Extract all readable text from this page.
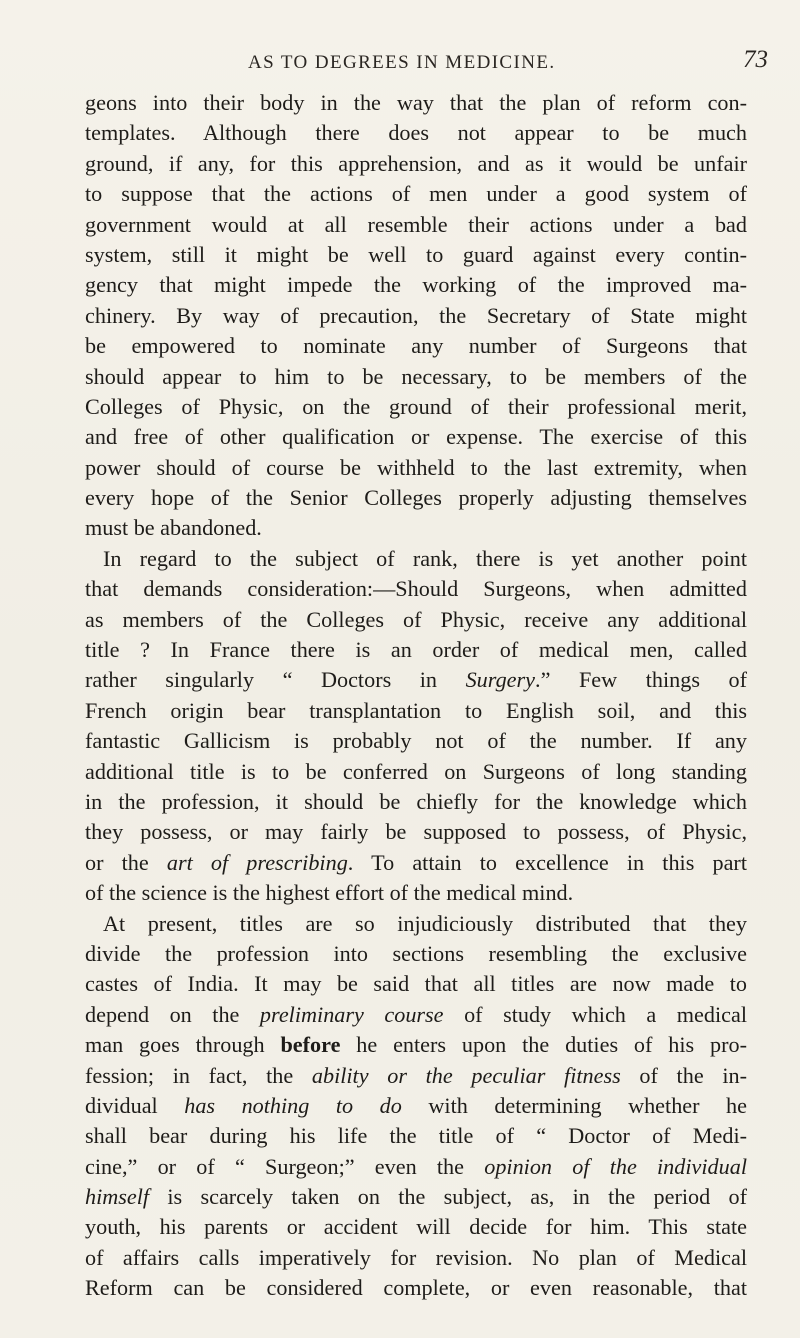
AS TO DEGREES IN MEDICINE.	73
geons into their body in the way that the plan of reform con-
templates. Although there does not appear to be much
ground, if any, for this apprehension, and as it would be unfair
to suppose that the actions of men under a good system of
government would at all resemble their actions under a bad
system, still it might be well to guard against every contin-
gency that might impede the working of the improved ma-
chinery. By way of precaution, the Secretary of State might
be empowered to nominate any number of Surgeons that
should appear to him to be necessary, to be members of the
Colleges of Physic, on the ground of their professional merit,
and free of other qualification or expense. The exercise of this
power should of course be withheld to the last extremity, when
every hope of the Senior Colleges properly adjusting themselves
must be abandoned.
In regard to the subject of rank, there is yet another point
that demands consideration:—Should Surgeons, when admitted
as members of the Colleges of Physic, receive any additional
title ? In France there is an order of medical men, called
rather singularly “ Doctors in Surgery.” Few things of
French origin bear transplantation to English soil, and this
fantastic Gallicism is probably not of the number. If any
additional title is to be conferred on Surgeons of long standing
in the profession, it should be chiefly for the knowledge which
they possess, or may fairly be supposed to possess, of Physic,
or the art of prescribing. To attain to excellence in this part
of the science is the highest effort of the medical mind.
At present, titles are so injudiciously distributed that they
divide the profession into sections resembling the exclusive
castes of India. It may be said that all titles are now made to
depend on the preliminary course of study which a medical
man goes through before he enters upon the duties of his pro-
fession; in fact, the ability or the peculiar fitness of the in-
dividual has nothing to do with determining whether he
shall bear during his life the title of “ Doctor of Medi-
cine,” or of “ Surgeon;” even the opinion of the individual
himself is scarcely taken on the subject, as, in the period of
youth, his parents or accident will decide for him. This state
of affairs calls imperatively for revision. No plan of Medical
Reform can be considered complete, or even reasonable, that
